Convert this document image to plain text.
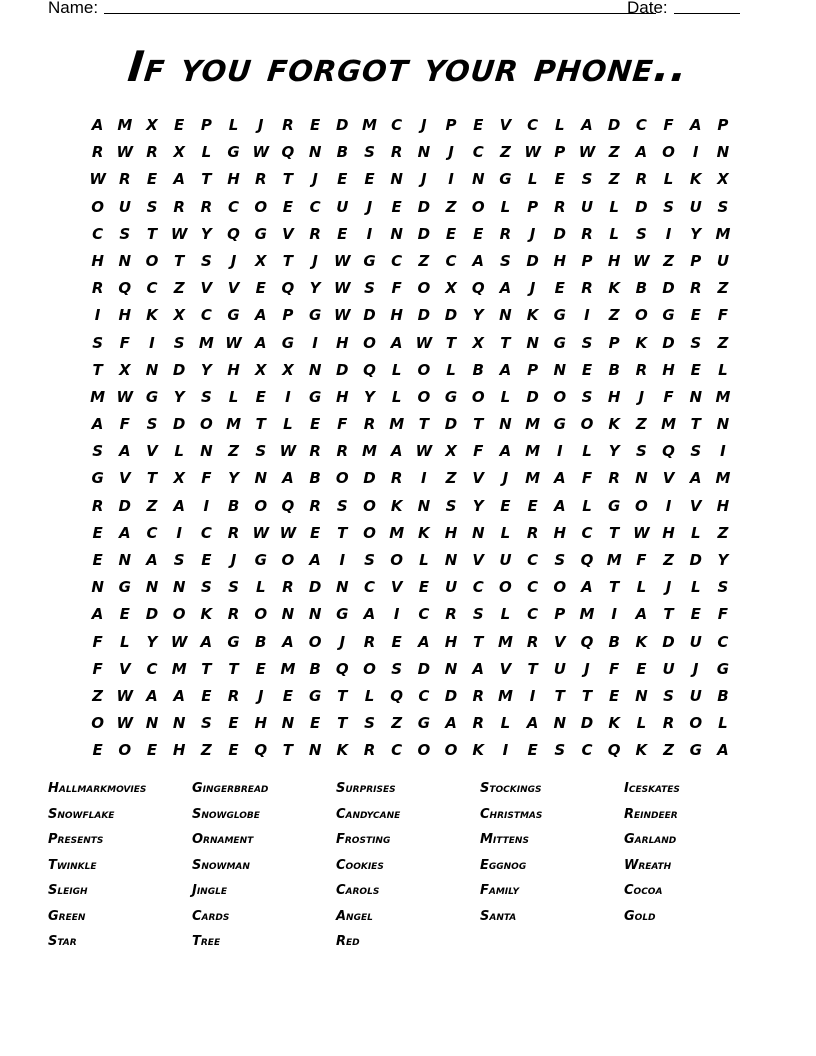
Name:	Date:
If you forgot your phone..
A M X	E	P	L	J	R	E	D M C	J	P	E	V	C	L	A	D	C	F	A	P
R W R	X	L	G W Q N	B	S	R	N	J	C	Z W P W Z	A	O	I	N
W R	E	A	T	H	R	T	J	E	E	N	J	I	N G	L	E	S	Z	R	L	K	X
O U	S	R	R	C	O	E	C	U	J	E	D	Z	O	L	P	R	U	L	D	S	U	S
C	S	T W Y	Q G	V	R	E	I	N D	E	E	R	J	D	R	L	S	I	Y M
H N O	T	S	J	X	T	J	W G	C	Z	C	A	S	D H	P	H W Z	P	U
R	Q	C	Z	V	V	E	Q	Y W S	F	O	X	Q	A	J	E	R	K	B	D	R	Z
I	H	K	X	C	G	A	P	G W D H D D	Y	N	K	G	I	Z	O G	E	F
S	F	I	S M W A	G	I	H O	A W T	X	T	N G	S	P	K	D	S	Z
T	X	N D	Y	H	X	X	N D Q	L	O	L	B	A	P	N	E	B	R	H	E	L
M W G	Y	S	L	E	I	G H	Y	L	O G O	L	D O	S	H	J	F	N M
A	F	S	D O M T	L	E	F	R M T	D	T	N M G O	K	Z M T	N
S	A	V	L	N	Z	S W R	R M A W X	F	A M	I	L	Y	S	Q	S	I
G	V	T	X	F	Y	N	A	B	O D	R	I	Z	V	J	M A	F	R	N	V	A M
R	D	Z	A	I	B	O Q	R	S	O	K	N	S	Y	E	E	A	L	G O	I	V	H
E	A	C	I	C	R W W E	T	O M K	H N	L	R	H	C	T W H	L	Z
E	N	A	S	E	J	G O	A	I	S	O	L	N	V	U	C	S	Q M F	Z	D	Y
N G N N	S	S	L	R	D N	C	V	E	U	C	O	C	O	A	T	L	J	L	S
A	E	D O	K	R	O N N G	A	I	C	R	S	L	C	P M	I	A	T	E	F
F	L	Y W A	G	B	A	O	J	R	E	A	H	T M R	V	Q	B	K	D U	C
F	V	C M T	T	E M B	Q O	S	D N	A	V	T	U	J	F	E	U	J	G
Z W A	A	E	R	J	E	G	T	L	Q	C	D	R M	I	T	T	E	N	S	U	B
O W N N	S	E	H N	E	T	S	Z	G	A	R	L	A	N D	K	L	R	O	L
E	O	E	H	Z	E	Q	T	N	K	R	C	O O	K	I	E	S	C	Q	K	Z	G	A
Hallmarkmovies	Gingerbread	Surprises	Stockings	Iceskates
Snowflake	Snowglobe	Candycane	Christmas	Reindeer
Presents	Ornament	Frosting	Mittens	Garland
Twinkle	Snowman	Cookies	Eggnog	Wreath
Sleigh	Jingle	Carols	Family	Cocoa
Green	Cards	Angel	Santa	Gold
Star	Tree	Red
